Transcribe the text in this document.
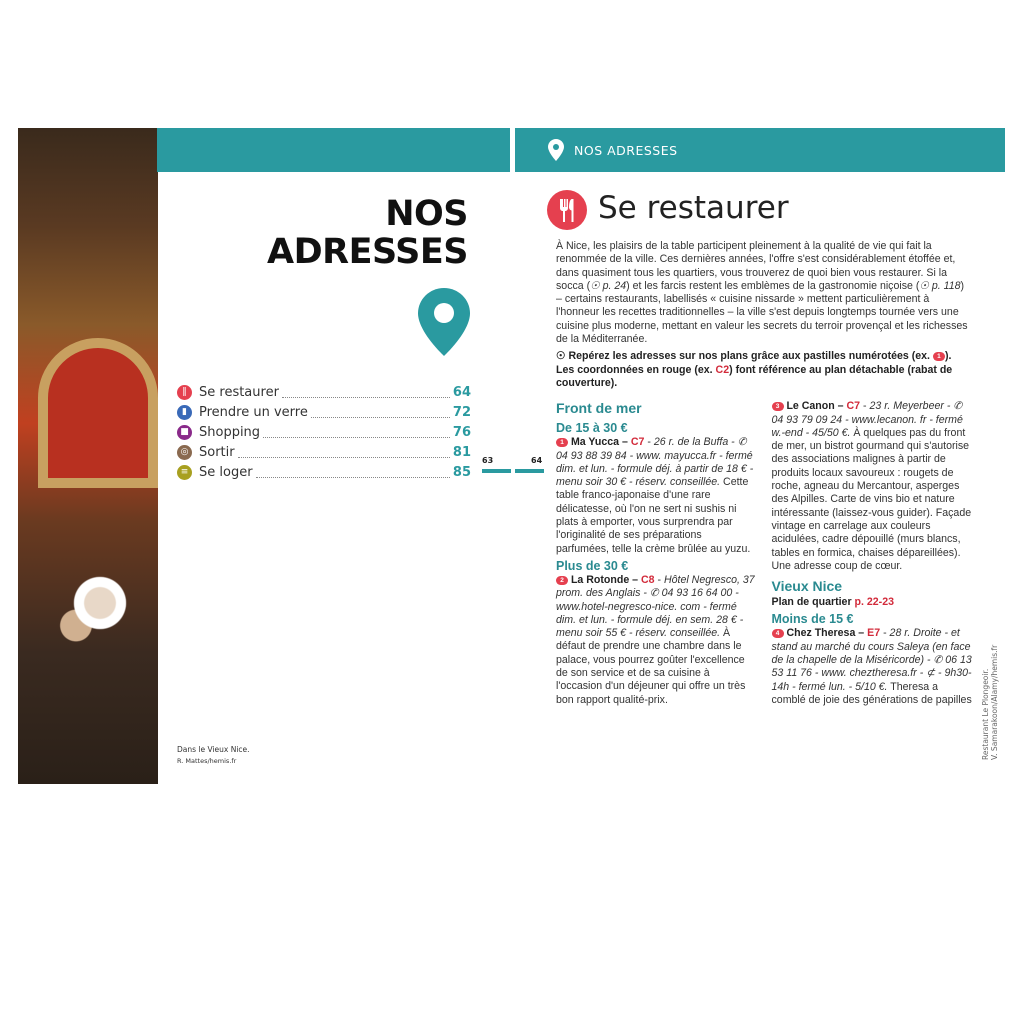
NOS ADRESSES
NOS
ADRESSES
‖ Se restaurer	64
▮ Prendre un verre	72
■ Shopping	76
◎ Sortir	81
≡ Se loger	85
63	64
Dans le Vieux Nice.
R. Mattes/hemis.fr
Se restaurer
À Nice, les plaisirs de la table participent pleinement à la qualité de vie qui fait la renommée de la ville. Ces dernières années, l'offre s'est considérablement étoffée et, dans quasiment tous les quartiers, vous trouverez de quoi bien vous restaurer. Si la socca (☉ p. 24) et les farcis restent les emblèmes de la gastronomie niçoise (☉ p. 118) – certains restaurants, labellisés « cuisine nissarde » mettent particulièrement à l'honneur les recettes traditionnelles – la ville s'est depuis longtemps tournée vers une cuisine plus moderne, mettant en valeur les secrets du terroir provençal et les richesses de la Méditerranée.
☉ Repérez les adresses sur nos plans grâce aux pastilles numérotées (ex. 1 ). Les coordonnées en rouge (ex. C2) font référence au plan détachable (rabat de couverture).
Front de mer
De 15 à 30 €
1 Ma Yucca – C7 - 26 r. de la Buffa - ✆ 04 93 88 39 84 - www. mayucca.fr - fermé dim. et lun. - formule déj. à partir de 18 € - menu soir 30 € - réserv. conseillée. Cette table franco-japonaise d'une rare délicatesse, où l'on ne sert ni sushis ni plats à emporter, vous surprendra par l'originalité de ses préparations parfumées, telle la crème brûlée au yuzu.
Plus de 30 €
2 La Rotonde – C8 - Hôtel Negresco, 37 prom. des Anglais - ✆ 04 93 16 64 00 - www.hotel-negresco-nice. com - fermé dim. et lun. - formule déj. en sem. 28 € - menu soir 55 € - réserv. conseillée. À défaut de prendre une chambre dans le palace, vous pourrez goûter l'excellence de son service et de sa cuisine à l'occasion d'un déjeuner qui offre un très bon rapport qualité-prix.
3 Le Canon – C7 - 23 r. Meyerbeer - ✆ 04 93 79 09 24 - www.lecanon. fr - fermé w.-end - 45/50 €. À quelques pas du front de mer, un bistrot gourmand qui s'autorise des associations malignes à partir de produits locaux savoureux : rougets de roche, agneau du Mercantour, asperges des Alpilles. Carte de vins bio et nature intéressante (laissez-vous guider). Façade vintage en carrelage aux couleurs acidulées, cadre dépouillé (murs blancs, tables en formica, chaises dépareillées). Une adresse coup de cœur.
Vieux Nice
Plan de quartier p. 22-23
Moins de 15 €
4 Chez Theresa – E7 - 28 r. Droite - et stand au marché du cours Saleya (en face de la chapelle de la Miséricorde) - ✆ 06 13 53 11 76 - www. cheztheresa.fr - ⊄ - 9h30-14h - fermé lun. - 5/10 €. Theresa a comblé de joie des générations de papilles Restaurant Le Plongeoir. V. Samarakoon/Alamy/hemis.fr
